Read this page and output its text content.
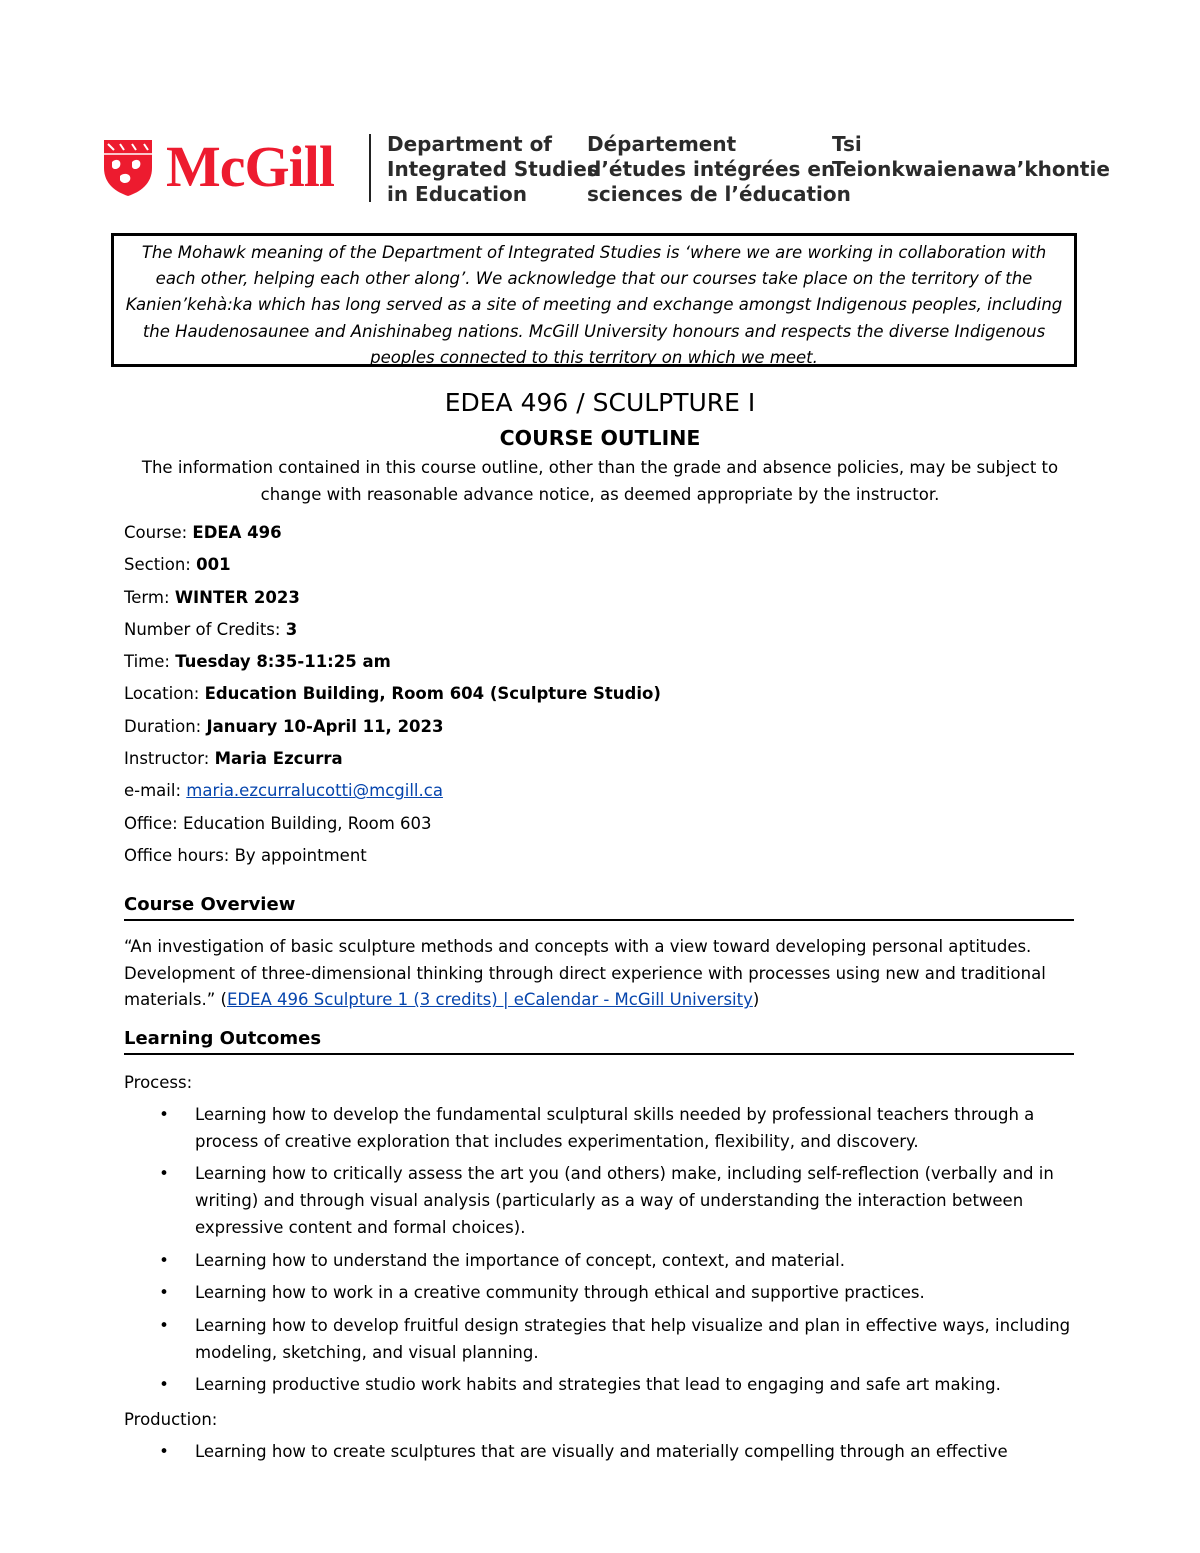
McGill	Department of
Integrated Studies
in Education
Département
d’études intégrées en
sciences de l’éducation
Tsi
Teionkwaienawa’khontie
The Mohawk meaning of the Department of Integrated Studies is ‘where we are working in collaboration with each other, helping each other along’. We acknowledge that our courses take place on the territory of the Kanien’kehà:ka which has long served as a site of meeting and exchange amongst Indigenous peoples, including the Haudenosaunee and Anishinabeg nations. McGill University honours and respects the diverse Indigenous peoples connected to this territory on which we meet.
EDEA 496 / SCULPTURE I
COURSE OUTLINE
The information contained in this course outline, other than the grade and absence policies, may be subject to change with reasonable advance notice, as deemed appropriate by the instructor.
Course: EDEA 496
Section: 001
Term: WINTER 2023
Number of Credits: 3
Time: Tuesday 8:35-11:25 am
Location: Education Building, Room 604 (Sculpture Studio)
Duration: January 10-April 11, 2023
Instructor: Maria Ezcurra
e-mail: maria.ezcurralucotti@mcgill.ca
Office: Education Building, Room 603
Office hours: By appointment
Course Overview
“An investigation of basic sculpture methods and concepts with a view toward developing personal aptitudes. Development of three-dimensional thinking through direct experience with processes using new and traditional materials.” (EDEA 496 Sculpture 1 (3 credits) | eCalendar - McGill University)
Learning Outcomes
Process:
• Learning how to develop the fundamental sculptural skills needed by professional teachers through a process of creative exploration that includes experimentation, flexibility, and discovery.
• Learning how to critically assess the art you (and others) make, including self-reflection (verbally and in writing) and through visual analysis (particularly as a way of understanding the interaction between expressive content and formal choices).
• Learning how to understand the importance of concept, context, and material.
• Learning how to work in a creative community through ethical and supportive practices.
• Learning how to develop fruitful design strategies that help visualize and plan in effective ways, including modeling, sketching, and visual planning.
• Learning productive studio work habits and strategies that lead to engaging and safe art making.
Production:
• Learning how to create sculptures that are visually and materially compelling through an effective
